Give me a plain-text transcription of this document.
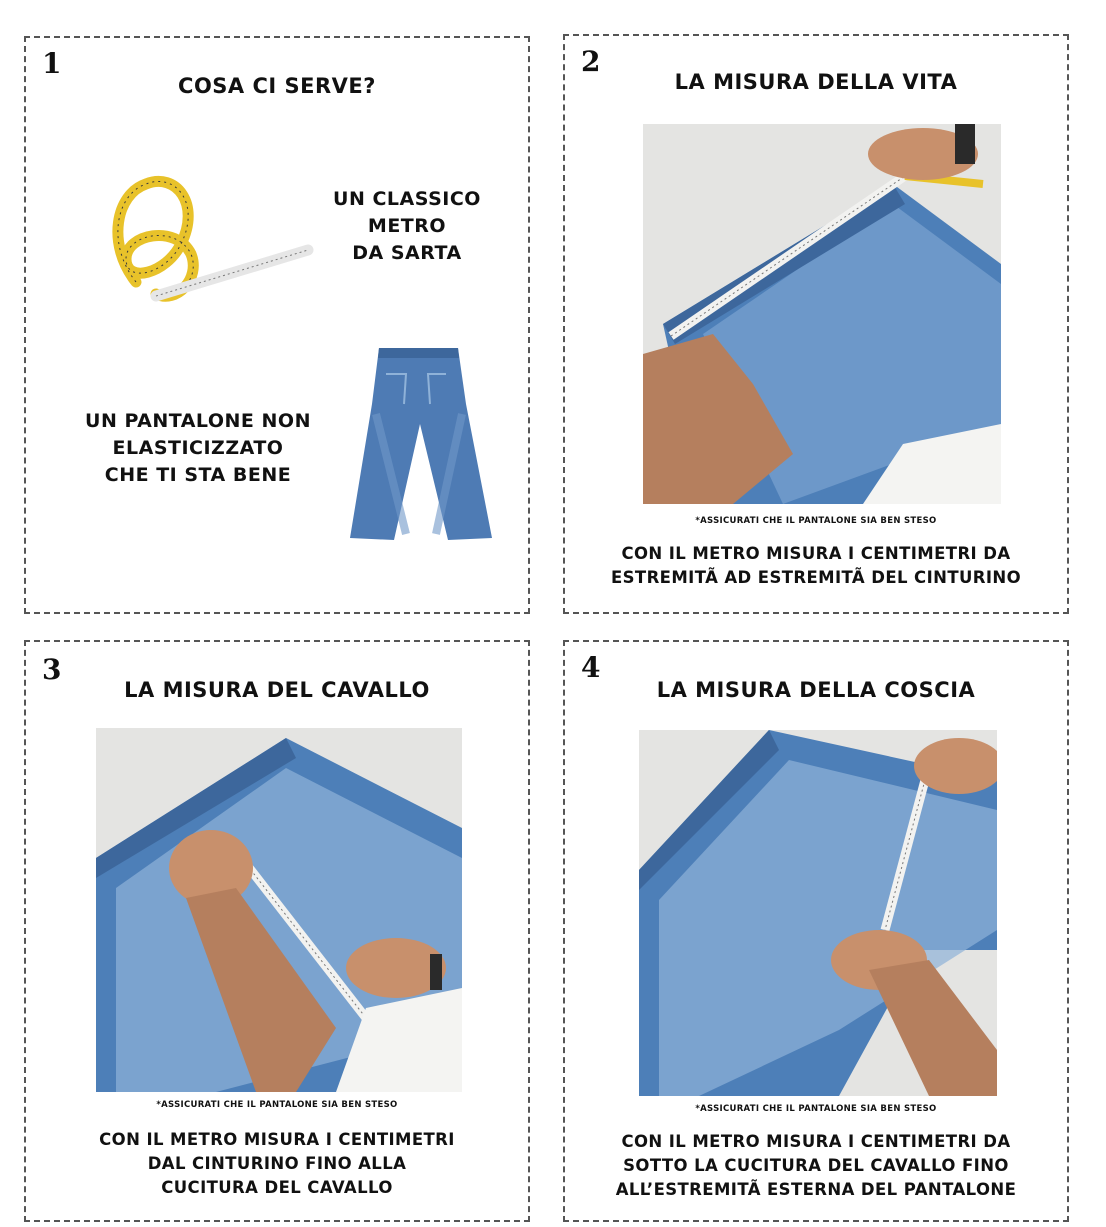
1
COSA CI SERVE?
UN CLASSICO
METRO
DA SARTA
UN PANTALONE NON
ELASTICIZZATO
CHE TI STA BENE
2
LA MISURA DELLA VITA
*ASSICURATI CHE IL PANTALONE SIA BEN STESO
CON IL METRO MISURA I CENTIMETRI DA
ESTREMITÃ AD ESTREMITÃ DEL CINTURINO
3
LA MISURA DEL CAVALLO
*ASSICURATI CHE IL PANTALONE SIA BEN STESO
CON IL METRO MISURA I CENTIMETRI
DAL CINTURINO FINO ALLA
CUCITURA DEL CAVALLO
4
LA MISURA DELLA COSCIA
*ASSICURATI CHE IL PANTALONE SIA BEN STESO
CON IL METRO MISURA I CENTIMETRI DA
SOTTO LA CUCITURA DEL CAVALLO FINO
ALL’ESTREMITÃ ESTERNA DEL PANTALONE
